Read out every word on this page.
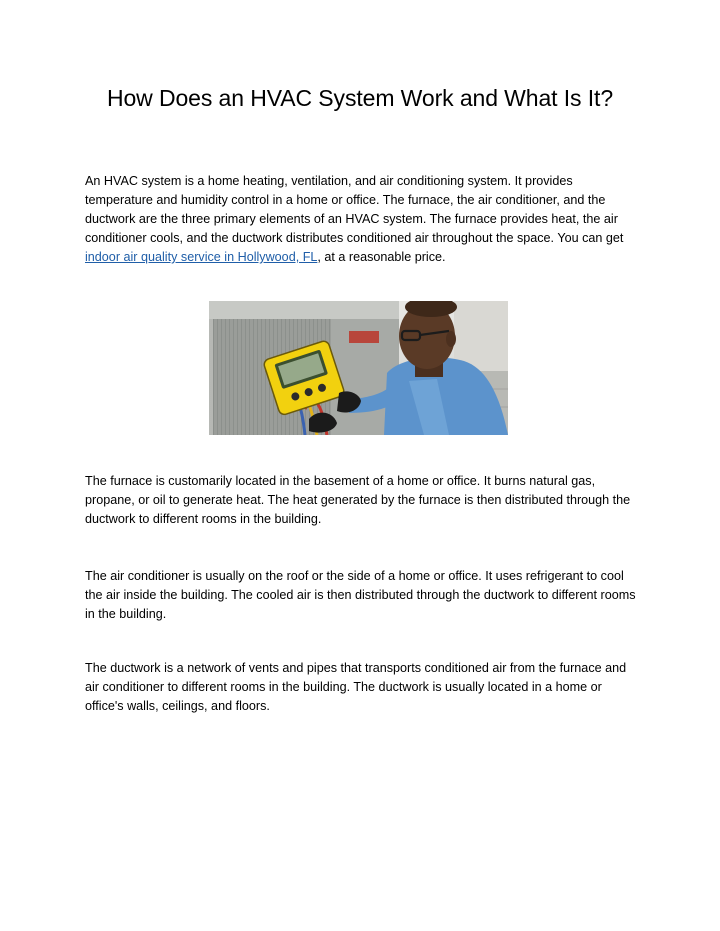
How Does an HVAC System Work and What Is It?

An HVAC system is a home heating, ventilation, and air conditioning system. It provides temperature and humidity control in a home or office. The furnace, the air conditioner, and the ductwork are the three primary elements of an HVAC system. The furnace provides heat, the air conditioner cools, and the ductwork distributes conditioned air throughout the space. You can get indoor air quality service in Hollywood, FL, at a reasonable price.

The furnace is customarily located in the basement of a home or office. It burns natural gas, propane, or oil to generate heat. The heat generated by the furnace is then distributed through the ductwork to different rooms in the building.

The air conditioner is usually on the roof or the side of a home or office. It uses refrigerant to cool the air inside the building. The cooled air is then distributed through the ductwork to different rooms in the building.

The ductwork is a network of vents and pipes that transports conditioned air from the furnace and air conditioner to different rooms in the building. The ductwork is usually located in a home or office's walls, ceilings, and floors.
